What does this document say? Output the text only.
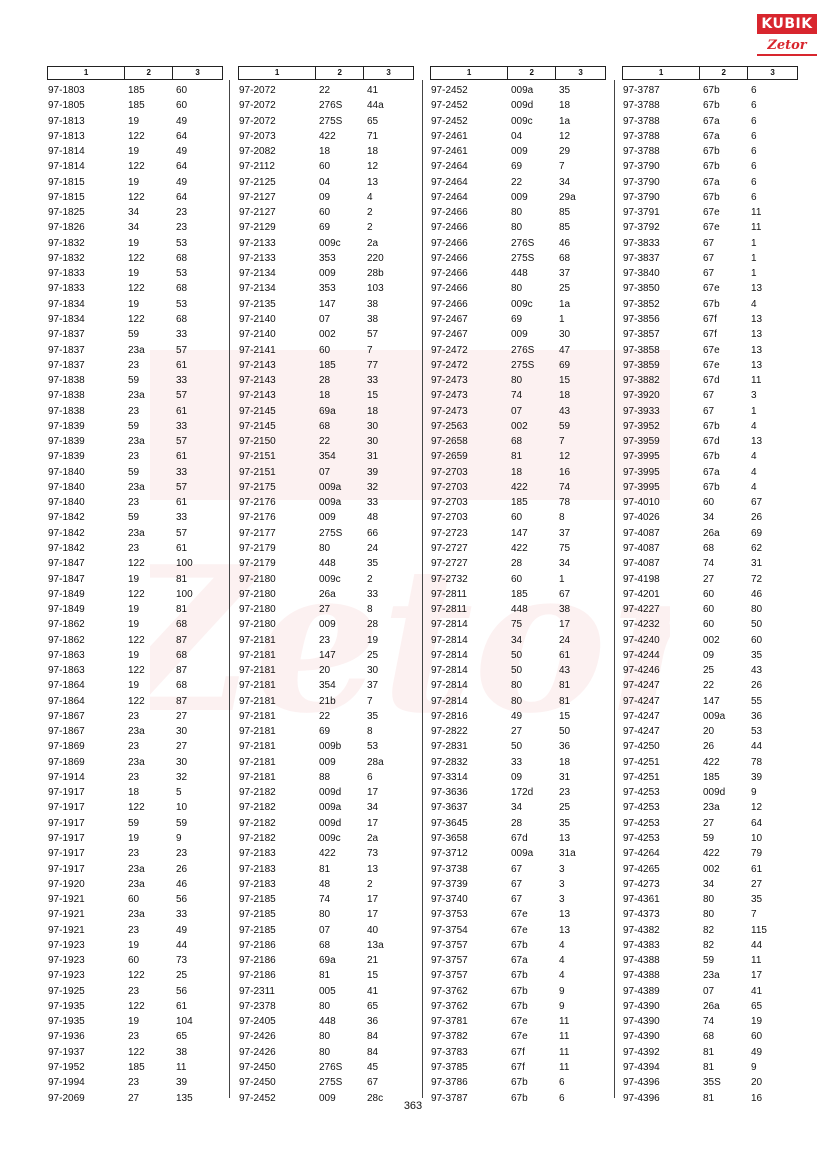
eto
KUBIK
Zetor
1	2	3
97-1803	185	60
97-1805	185	60
97-1813	19	49
97-1813	122	64
97-1814	19	49
97-1814	122	64
97-1815	19	49
97-1815	122	64
97-1825	34	23
97-1826	34	23
97-1832	19	53
97-1832	122	68
97-1833	19	53
97-1833	122	68
97-1834	19	53
97-1834	122	68
97-1837	59	33
97-1837	23a	57
97-1837	23	61
97-1838	59	33
97-1838	23a	57
97-1838	23	61
97-1839	59	33
97-1839	23a	57
97-1839	23	61
97-1840	59	33
97-1840	23a	57
97-1840	23	61
97-1842	59	33
97-1842	23a	57
97-1842	23	61
97-1847	122	100
97-1847	19	81
97-1849	122	100
97-1849	19	81
97-1862	19	68
97-1862	122	87
97-1863	19	68
97-1863	122	87
97-1864	19	68
97-1864	122	87
97-1867	23	27
97-1867	23a	30
97-1869	23	27
97-1869	23a	30
97-1914	23	32
97-1917	18	5
97-1917	122	10
97-1917	59	59
97-1917	19	9
97-1917	23	23
97-1917	23a	26
97-1920	23a	46
97-1921	60	56
97-1921	23a	33
97-1921	23	49
97-1923	19	44
97-1923	60	73
97-1923	122	25
97-1925	23	56
97-1935	122	61
97-1935	19	104
97-1936	23	65
97-1937	122	38
97-1952	185	11
97-1994	23	39
97-2069	27	135
1	2	3
97-2072	22	41
97-2072	276S	44a
97-2072	275S	65
97-2073	422	71
97-2082	18	18
97-2112	60	12
97-2125	04	13
97-2127	09	4
97-2127	60	2
97-2129	69	2
97-2133	009c	2a
97-2133	353	220
97-2134	009	28b
97-2134	353	103
97-2135	147	38
97-2140	07	38
97-2140	002	57
97-2141	60	7
97-2143	185	77
97-2143	28	33
97-2143	18	15
97-2145	69a	18
97-2145	68	30
97-2150	22	30
97-2151	354	31
97-2151	07	39
97-2175	009a	32
97-2176	009a	33
97-2176	009	48
97-2177	275S	66
97-2179	80	24
97-2179	448	35
97-2180	009c	2
97-2180	26a	33
97-2180	27	8
97-2180	009	28
97-2181	23	19
97-2181	147	25
97-2181	20	30
97-2181	354	37
97-2181	21b	7
97-2181	22	35
97-2181	69	8
97-2181	009b	53
97-2181	009	28a
97-2181	88	6
97-2182	009d	17
97-2182	009a	34
97-2182	009d	17
97-2182	009c	2a
97-2183	422	73
97-2183	81	13
97-2183	48	2
97-2185	74	17
97-2185	80	17
97-2185	07	40
97-2186	68	13a
97-2186	69a	21
97-2186	81	15
97-2311	005	41
97-2378	80	65
97-2405	448	36
97-2426	80	84
97-2426	80	84
97-2450	276S	45
97-2450	275S	67
97-2452	009	28c
1	2	3
97-2452	009a	35
97-2452	009d	18
97-2452	009c	1a
97-2461	04	12
97-2461	009	29
97-2464	69	7
97-2464	22	34
97-2464	009	29a
97-2466	80	85
97-2466	80	85
97-2466	276S	46
97-2466	275S	68
97-2466	448	37
97-2466	80	25
97-2466	009c	1a
97-2467	69	1
97-2467	009	30
97-2472	276S	47
97-2472	275S	69
97-2473	80	15
97-2473	74	18
97-2473	07	43
97-2563	002	59
97-2658	68	7
97-2659	81	12
97-2703	18	16
97-2703	422	74
97-2703	185	78
97-2703	60	8
97-2723	147	37
97-2727	422	75
97-2727	28	34
97-2732	60	1
97-2811	185	67
97-2811	448	38
97-2814	75	17
97-2814	34	24
97-2814	50	61
97-2814	50	43
97-2814	80	81
97-2814	80	81
97-2816	49	15
97-2822	27	50
97-2831	50	36
97-2832	33	18
97-3314	09	31
97-3636	172d	23
97-3637	34	25
97-3645	28	35
97-3658	67d	13
97-3712	009a	31a
97-3738	67	3
97-3739	67	3
97-3740	67	3
97-3753	67e	13
97-3754	67e	13
97-3757	67b	4
97-3757	67a	4
97-3757	67b	4
97-3762	67b	9
97-3762	67b	9
97-3781	67e	11
97-3782	67e	11
97-3783	67f	11
97-3785	67f	11
97-3786	67b	6
97-3787	67b	6
1	2	3
97-3787	67b	6
97-3788	67b	6
97-3788	67a	6
97-3788	67a	6
97-3788	67b	6
97-3790	67b	6
97-3790	67a	6
97-3790	67b	6
97-3791	67e	11
97-3792	67e	11
97-3833	67	1
97-3837	67	1
97-3840	67	1
97-3850	67e	13
97-3852	67b	4
97-3856	67f	13
97-3857	67f	13
97-3858	67e	13
97-3859	67e	13
97-3882	67d	11
97-3920	67	3
97-3933	67	1
97-3952	67b	4
97-3959	67d	13
97-3995	67b	4
97-3995	67a	4
97-3995	67b	4
97-4010	60	67
97-4026	34	26
97-4087	26a	69
97-4087	68	62
97-4087	74	31
97-4198	27	72
97-4201	60	46
97-4227	60	80
97-4232	60	50
97-4240	002	60
97-4244	09	35
97-4246	25	43
97-4247	22	26
97-4247	147	55
97-4247	009a	36
97-4247	20	53
97-4250	26	44
97-4251	422	78
97-4251	185	39
97-4253	009d	9
97-4253	23a	12
97-4253	27	64
97-4253	59	10
97-4264	422	79
97-4265	002	61
97-4273	34	27
97-4361	80	35
97-4373	80	7
97-4382	82	115
97-4383	82	44
97-4388	59	11
97-4388	23a	17
97-4389	07	41
97-4390	26a	65
97-4390	74	19
97-4390	68	60
97-4392	81	49
97-4394	81	9
97-4396	35S	20
97-4396	81	16
363
